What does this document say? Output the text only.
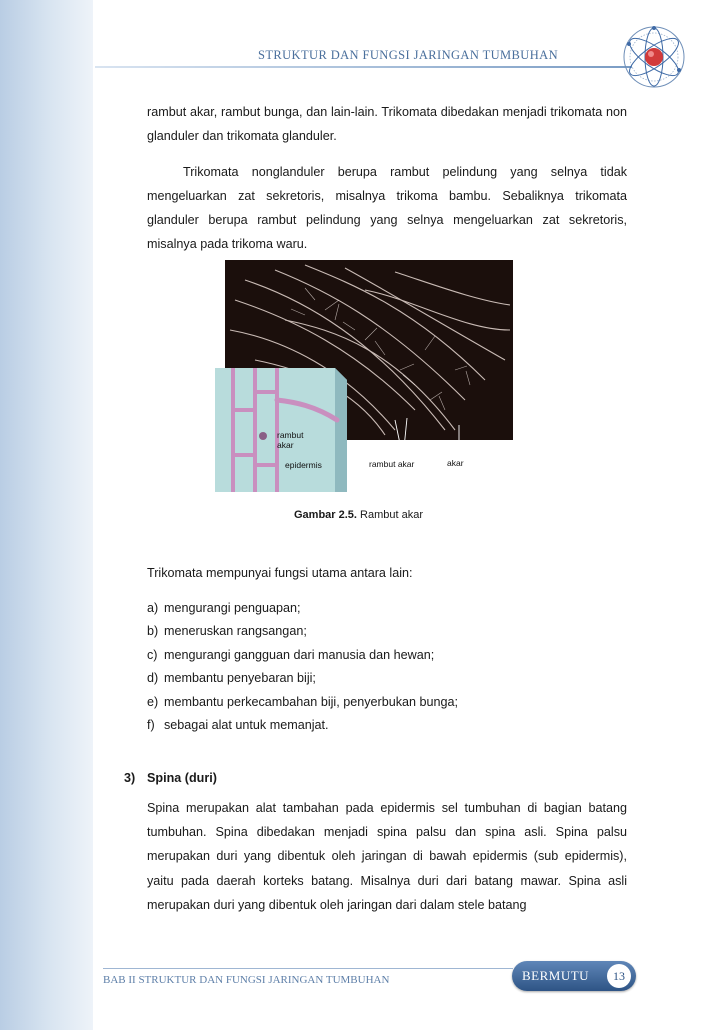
STRUKTUR DAN FUNGSI JARINGAN TUMBUHAN
rambut akar, rambut bunga, dan lain-lain. Trikomata dibedakan menjadi trikomata non glanduler dan trikomata glanduler.
Trikomata nonglanduler berupa rambut pelindung yang selnya tidak mengeluarkan zat sekretoris, misalnya trikoma bambu. Sebaliknya trikomata glanduler berupa rambut pelindung yang selnya mengeluarkan zat sekretoris, misalnya pada trikoma waru.
rambut
akar
epidermis	rambut akar	akar
Gambar 2.5. Rambut akar
Trikomata mempunyai fungsi utama antara lain:
a) mengurangi penguapan;
b) meneruskan rangsangan;
c) mengurangi gangguan dari manusia dan hewan;
d) membantu penyebaran biji;
e) membantu perkecambahan biji, penyerbukan bunga;
f) sebagai alat untuk memanjat.
3) Spina (duri)
Spina merupakan alat tambahan pada epidermis sel tumbuhan di bagian batang tumbuhan. Spina dibedakan menjadi spina palsu dan spina asli. Spina palsu merupakan duri yang dibentuk oleh jaringan di bawah epidermis (sub epidermis), yaitu pada daerah korteks batang. Misalnya duri dari batang mawar. Spina asli merupakan duri yang dibentuk oleh jaringan dari dalam stele batang
BAB II STRUKTUR DAN FUNGSI JARINGAN TUMBUHAN	BERMUTU	13
